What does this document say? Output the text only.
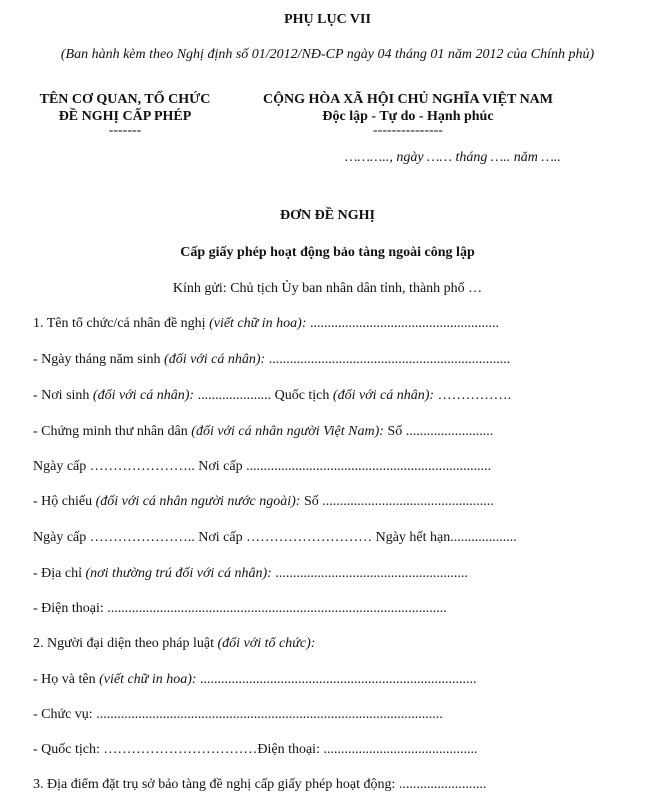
PHỤ LỤC VII
(Ban hành kèm theo Nghị định số 01/2012/NĐ-CP ngày 04 tháng 01 năm 2012 của Chính phủ)
TÊN CƠ QUAN, TỔ CHỨC
ĐỀ NGHỊ CẤP PHÉP
-------
CỘNG HÒA XÃ HỘI CHỦ NGHĨA VIỆT NAM
Độc lập - Tự do - Hạnh phúc
---------------
……….., ngày …… tháng ….. năm …..
ĐƠN ĐỀ NGHỊ
Cấp giấy phép hoạt động bảo tàng ngoài công lập
Kính gửi: Chủ tịch Ủy ban nhân dân tỉnh, thành phố …
1. Tên tổ chức/cá nhân đề nghị (viết chữ in hoa): ......................................................
- Ngày tháng năm sinh (đối với cá nhân): .....................................................................
- Nơi sinh (đối với cá nhân): ..................... Quốc tịch (đối với cá nhân): …………….
- Chứng minh thư nhân dân (đối với cá nhân người Việt Nam): Số .........................
Ngày cấp ………………….. Nơi cấp ......................................................................
- Hộ chiếu (đối với cá nhân người nước ngoài): Số .................................................
Ngày cấp ………………….. Nơi cấp ……………………… Ngày hết hạn...................
- Địa chỉ (nơi thường trú đối với cá nhân): .......................................................
- Điện thoại: .................................................................................................
2. Người đại diện theo pháp luật (đối với tổ chức):
- Họ và tên (viết chữ in hoa): ...............................................................................
- Chức vụ: ...................................................................................................
- Quốc tịch: ……………………………Điện thoại: ............................................
3. Địa điểm đặt trụ sở bảo tàng đề nghị cấp giấy phép hoạt động: .........................
